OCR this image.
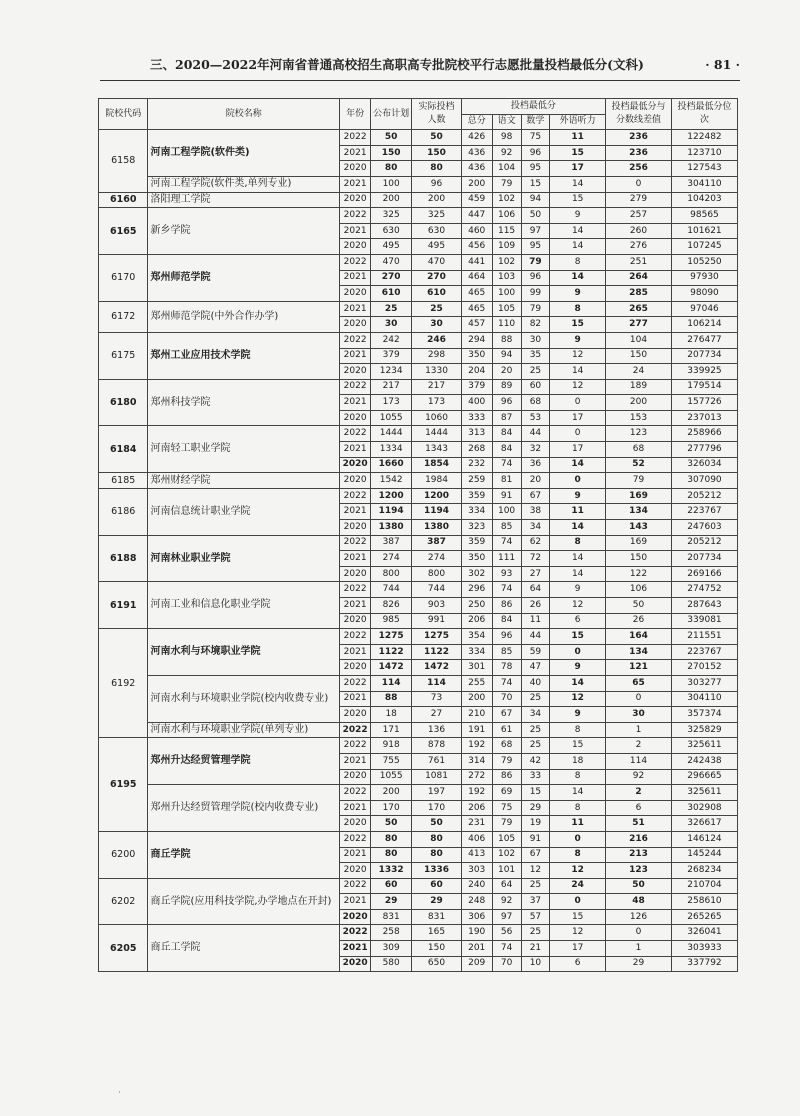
三、2020—2022年河南省普通高校招生高职高专批院校平行志愿批量投档最低分(文科)	· 81 ·
院校代码	院校名称	年份	公布计划	实际投档人数	投档最低分				投档最低分与分数线差值	投档最低分位次
					总分	语文	数学	外语听力		
6158	河南工程学院(软件类)	2022	50	50	426	98	75	11	236	122482
		2021	150	150	436	92	96	15	236	123710
		2020	80	80	436	104	95	17	256	127543
	河南工程学院(软件类,单列专业)	2021	100	96	200	79	15	14	0	304110
6160	洛阳理工学院	2020	200	200	459	102	94	15	279	104203
6165	新乡学院	2022	325	325	447	106	50	9	257	98565
		2021	630	630	460	115	97	14	260	101621
		2020	495	495	456	109	95	14	276	107245
6170	郑州师范学院	2022	470	470	441	102	79	8	251	105250
		2021	270	270	464	103	96	14	264	97930
		2020	610	610	465	100	99	9	285	98090
6172	郑州师范学院(中外合作办学)	2021	25	25	465	105	79	8	265	97046
		2020	30	30	457	110	82	15	277	106214
6175	郑州工业应用技术学院	2022	242	246	294	88	30	9	104	276477
		2021	379	298	350	94	35	12	150	207734
		2020	1234	1330	204	20	25	14	24	339925
6180	郑州科技学院	2022	217	217	379	89	60	12	189	179514
		2021	173	173	400	96	68	0	200	157726
		2020	1055	1060	333	87	53	17	153	237013
6184	河南轻工职业学院	2022	1444	1444	313	84	44	0	123	258966
		2021	1334	1343	268	84	32	17	68	277796
		2020	1660	1854	232	74	36	14	52	326034
6185	郑州财经学院	2020	1542	1984	259	81	20	0	79	307090
6186	河南信息统计职业学院	2022	1200	1200	359	91	67	9	169	205212
		2021	1194	1194	334	100	38	11	134	223767
		2020	1380	1380	323	85	34	14	143	247603
6188	河南林业职业学院	2022	387	387	359	74	62	8	169	205212
		2021	274	274	350	111	72	14	150	207734
		2020	800	800	302	93	27	14	122	269166
6191	河南工业和信息化职业学院	2022	744	744	296	74	64	9	106	274752
		2021	826	903	250	86	26	12	50	287643
		2020	985	991	206	84	11	6	26	339081
6192	河南水利与环境职业学院	2022	1275	1275	354	96	44	15	164	211551
		2021	1122	1122	334	85	59	0	134	223767
		2020	1472	1472	301	78	47	9	121	270152
	河南水利与环境职业学院(校内收费专业)	2022	114	114	255	74	40	14	65	303277
		2021	88	73	200	70	25	12	0	304110
		2020	18	27	210	67	34	9	30	357374
	河南水利与环境职业学院(单列专业)	2022	171	136	191	61	25	8	1	325829
6195	郑州升达经贸管理学院	2022	918	878	192	68	25	15	2	325611
		2021	755	761	314	79	42	18	114	242438
		2020	1055	1081	272	86	33	8	92	296665
	郑州升达经贸管理学院(校内收费专业)	2022	200	197	192	69	15	14	2	325611
		2021	170	170	206	75	29	8	6	302908
		2020	50	50	231	79	19	11	51	326617
6200	商丘学院	2022	80	80	406	105	91	0	216	146124
		2021	80	80	413	102	67	8	213	145244
		2020	1332	1336	303	101	12	12	123	268234
6202	商丘学院(应用科技学院,办学地点在开封)	2022	60	60	240	64	25	24	50	210704
		2021	29	29	248	92	37	0	48	258610
		2020	831	831	306	97	57	15	126	265265
6205	商丘工学院	2022	258	165	190	56	25	12	0	326041
		2021	309	150	201	74	21	17	1	303933
		2020	580	650	209	70	10	6	29	337792
·
